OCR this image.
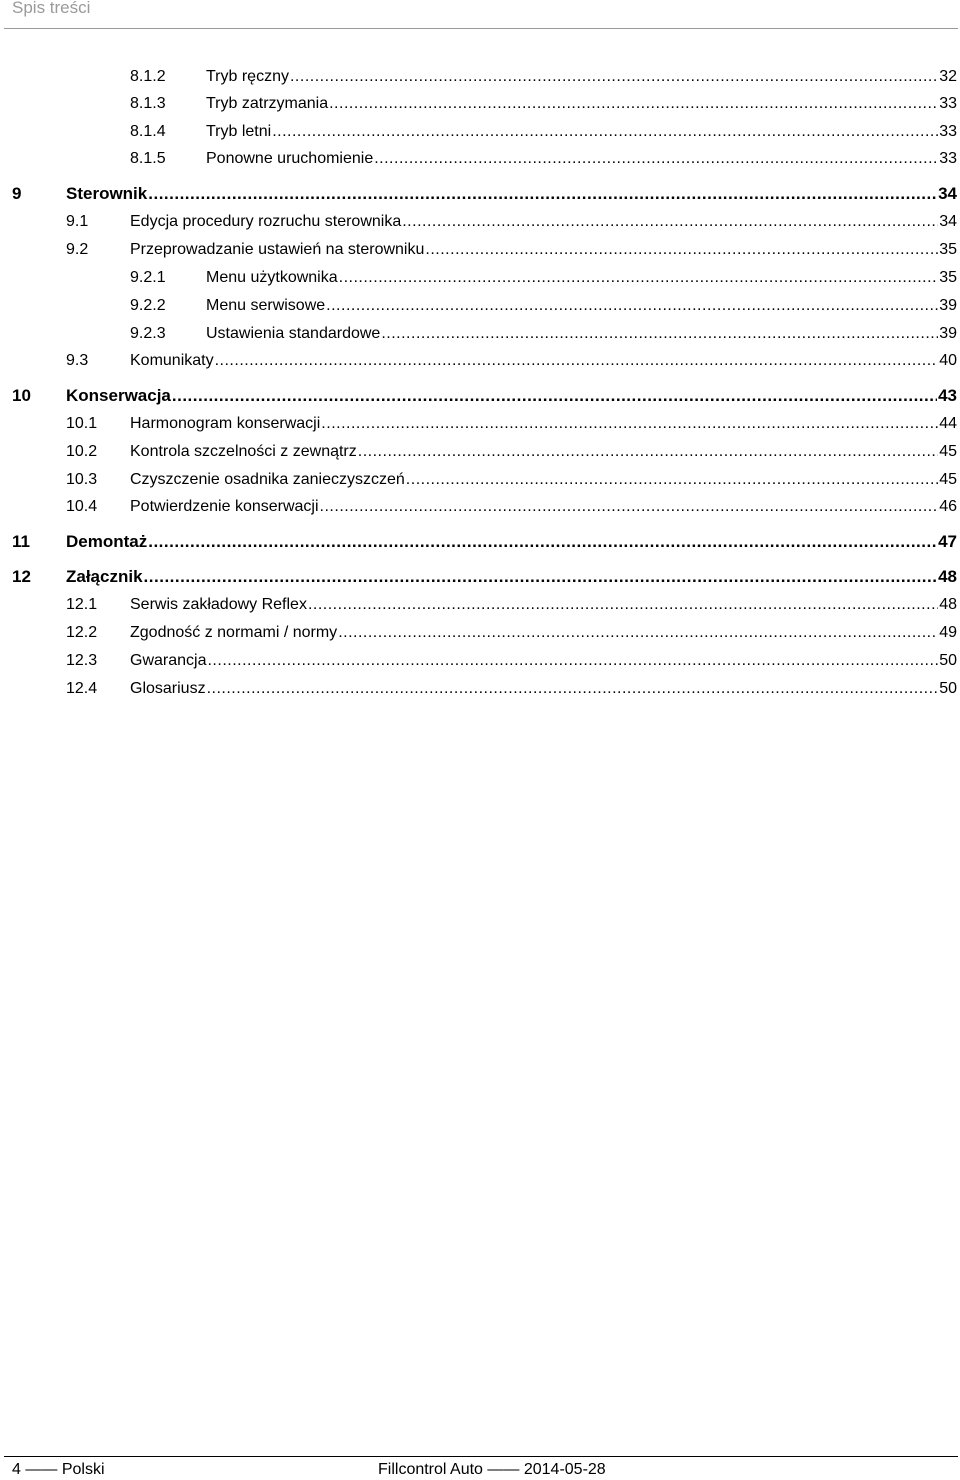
Spis treści
8.1.2	Tryb ręczny .....	32
8.1.3	Tryb zatrzymania .....	33
8.1.4	Tryb letni .....	33
8.1.5	Ponowne uruchomienie .....	33
9	Sterownik .....	34
9.1	Edycja procedury rozruchu sterownika .....	34
9.2	Przeprowadzanie ustawień na sterowniku .....	35
9.2.1	Menu użytkownika .....	35
9.2.2	Menu serwisowe .....	39
9.2.3	Ustawienia standardowe .....	39
9.3	Komunikaty .....	40
10	Konserwacja .....	43
10.1	Harmonogram konserwacji .....	44
10.2	Kontrola szczelności z zewnątrz .....	45
10.3	Czyszczenie osadnika zanieczyszczeń .....	45
10.4	Potwierdzenie konserwacji .....	46
11	Demontaż .....	47
12	Załącznik .....	48
12.1	Serwis zakładowy Reflex .....	48
12.2	Zgodność z normami / normy .....	49
12.3	Gwarancja .....	50
12.4	Glosariusz .....	50
4 —— Polski	Fillcontrol Auto —— 2014-05-28
